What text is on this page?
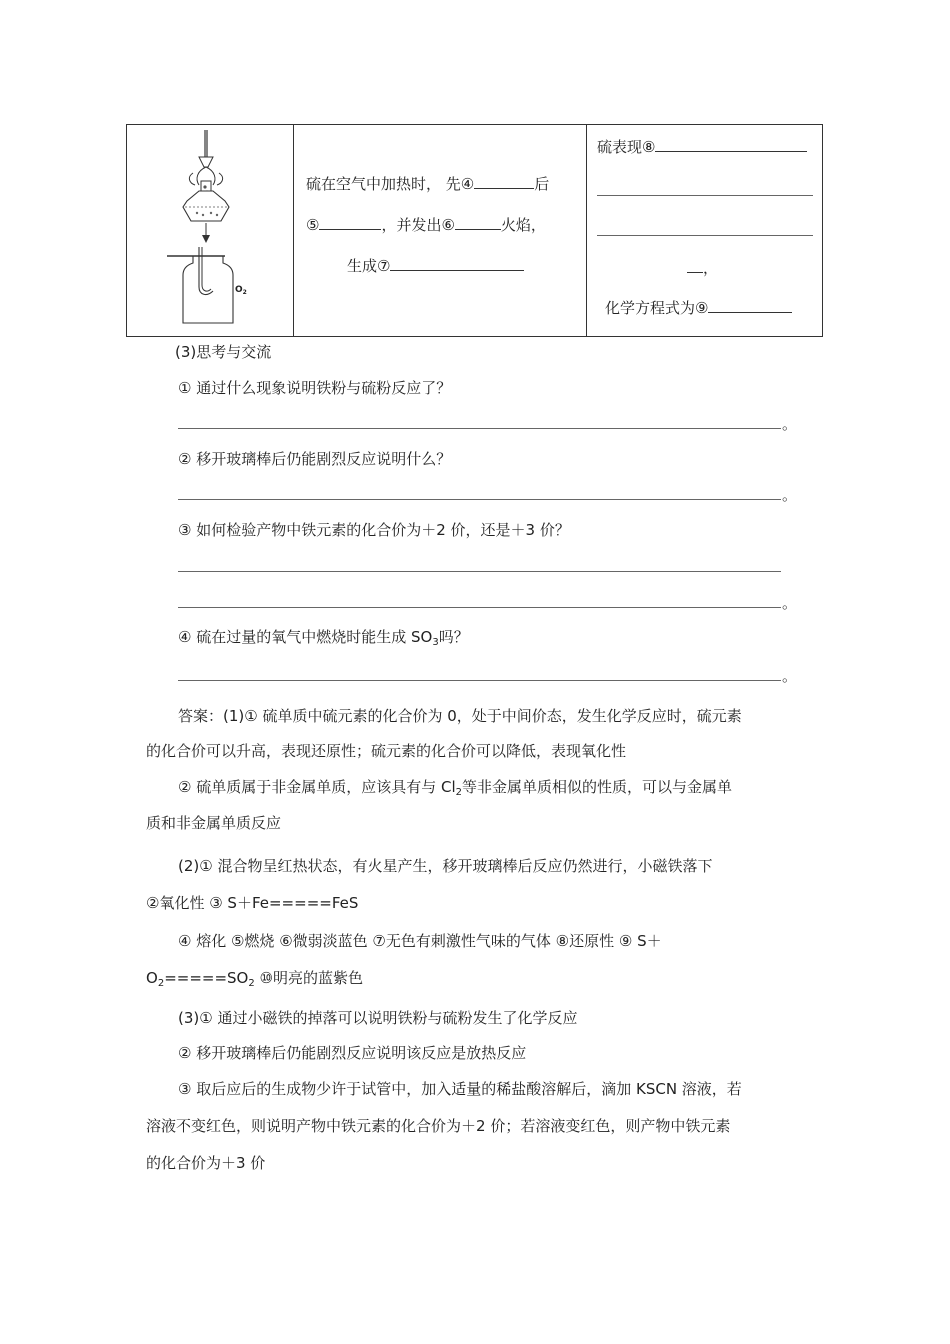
$O_2$

硫在空气中加热时， 先④	后
⑤	，并发出⑥	火焰，
生成⑦

硫表现⑧
，
化学方程式为⑨
(3)思考与交流
① 通过什么现象说明铁粉与硫粉反应了？
。
② 移开玻璃棒后仍能剧烈反应说明什么？
。
③ 如何检验产物中铁元素的化合价为＋2 价，还是＋3 价？
。
④ 硫在过量的氧气中燃烧时能生成 $SO_3$吗？
。
答案：(1)① 硫单质中硫元素的化合价为 0，处于中间价态，发生化学反应时，硫元素
的化合价可以升高，表现还原性；硫元素的化合价可以降低，表现氧化性
② 硫单质属于非金属单质，应该具有与 $Cl_2$等非金属单质相似的性质，可以与金属单
质和非金属单质反应
(2)① 混合物呈红热状态，有火星产生，移开玻璃棒后反应仍然进行，小磁铁落下
②氧化性 ③ S＋Fe=====FeS
④ 熔化 ⑤燃烧 ⑥微弱淡蓝色 ⑦无色有刺激性气味的气体 ⑧还原性 ⑨ S＋
$O_2=====SO_2$ ⑩明亮的蓝紫色
(3)① 通过小磁铁的掉落可以说明铁粉与硫粉发生了化学反应
② 移开玻璃棒后仍能剧烈反应说明该反应是放热反应
③ 取后应后的生成物少许于试管中，加入适量的稀盐酸溶解后，滴加 KSCN 溶液，若
溶液不变红色，则说明产物中铁元素的化合价为＋2 价；若溶液变红色，则产物中铁元素
的化合价为＋3 价
